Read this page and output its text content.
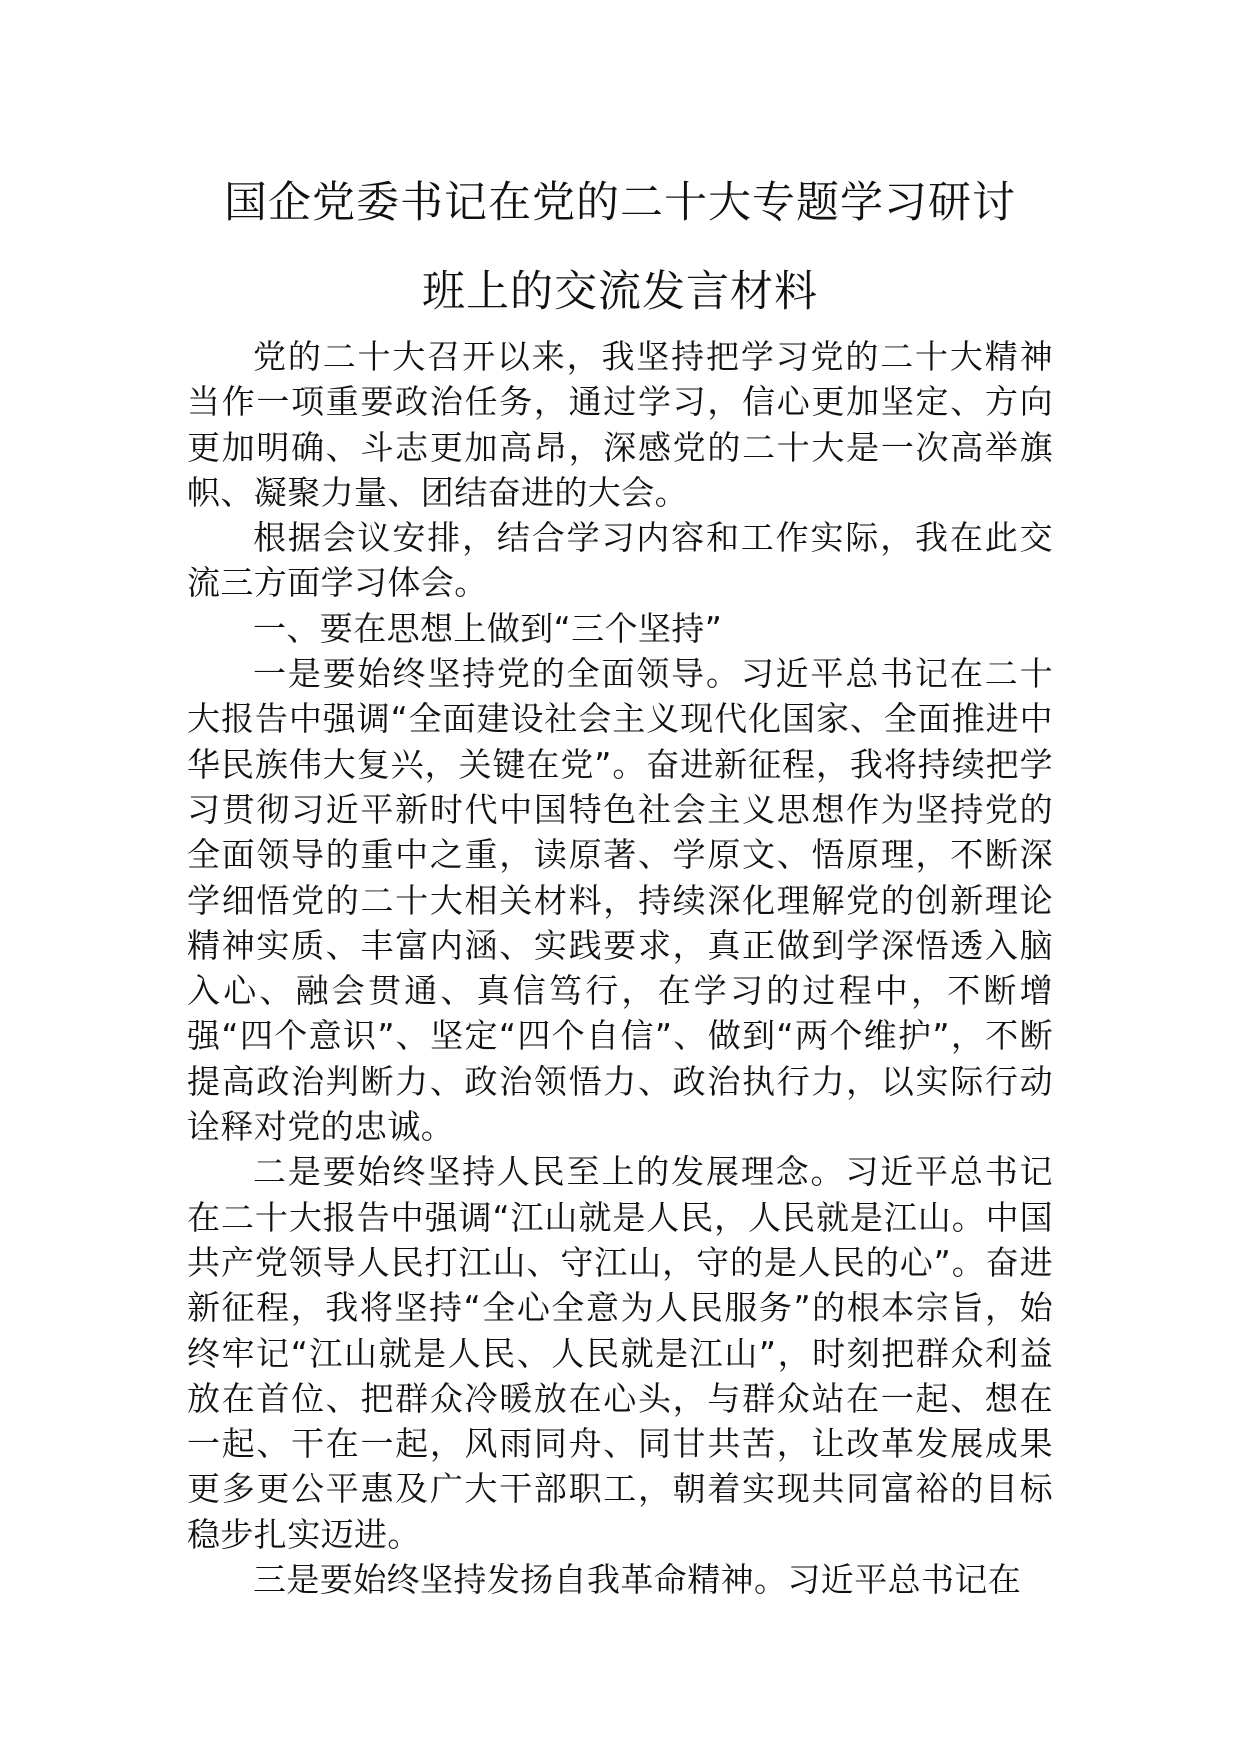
国企党委书记在党的二十大专题学习研讨
班上的交流发言材料

党的二十大召开以来，我坚持把学习党的二十大精神当作一项重要政治任务，通过学习，信心更加坚定、方向更加明确、斗志更加高昂，深感党的二十大是一次高举旗帜、凝聚力量、团结奋进的大会。

根据会议安排，结合学习内容和工作实际，我在此交流三方面学习体会。

一、要在思想上做到“三个坚持”

一是要始终坚持党的全面领导。习近平总书记在二十大报告中强调“全面建设社会主义现代化国家、全面推进中华民族伟大复兴，关键在党”。奋进新征程，我将持续把学习贯彻习近平新时代中国特色社会主义思想作为坚持党的全面领导的重中之重，读原著、学原文、悟原理，不断深学细悟党的二十大相关材料，持续深化理解党的创新理论精神实质、丰富内涵、实践要求，真正做到学深悟透入脑入心、融会贯通、真信笃行，在学习的过程中，不断增强“四个意识”、坚定“四个自信”、做到“两个维护”，不断提高政治判断力、政治领悟力、政治执行力，以实际行动诠释对党的忠诚。

二是要始终坚持人民至上的发展理念。习近平总书记在二十大报告中强调“江山就是人民，人民就是江山。中国共产党领导人民打江山、守江山，守的是人民的心”。奋进新征程，我将坚持“全心全意为人民服务”的根本宗旨，始终牢记“江山就是人民、人民就是江山”，时刻把群众利益放在首位、把群众冷暖放在心头，与群众站在一起、想在一起、干在一起，风雨同舟、同甘共苦，让改革发展成果更多更公平惠及广大干部职工，朝着实现共同富裕的目标稳步扎实迈进。

三是要始终坚持发扬自我革命精神。习近平总书记在
